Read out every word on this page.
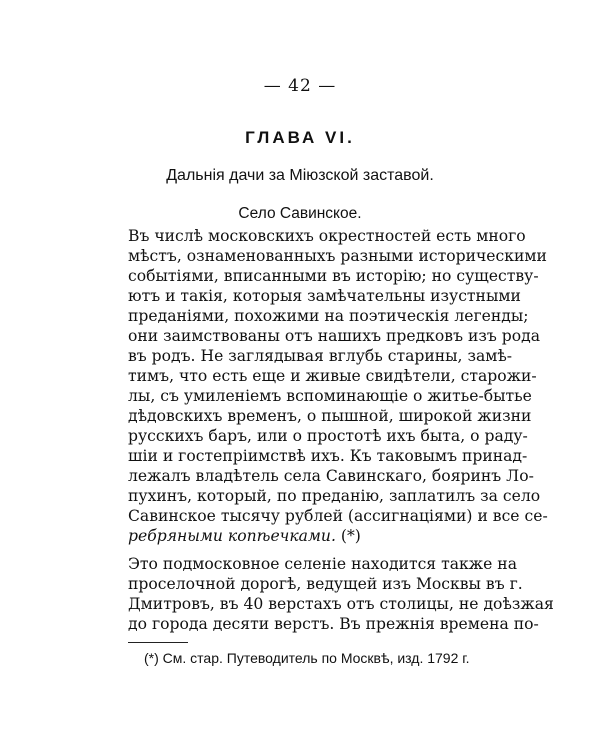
— 42 —
ГЛАВА VI.
Дальнiя дачи за Miюзской заставой.
Село Савинское.
Въ числѣ московскихъ окрестностей есть много
мѣстъ, ознаменованныхъ разными историческими
событiями, вписанными въ исторiю; но существу-
ютъ и такiя, которыя замѣчательны изустными
преданiями, похожими на поэтическiя легенды;
они заимствованы отъ нашихъ предковъ изъ рода
въ родъ. Не заглядывая вглубь старины, замѣ-
тимъ, что есть еще и живые свидѣтели, старожи-
лы, съ умиленiемъ вспоминающiе о житье-бытье
дѣдовскихъ временъ, о пышной, широкой жизни
русскихъ баръ, или о простотѣ ихъ быта, о раду-
шiи и гостепрiимствѣ ихъ. Къ таковымъ принад-
лежалъ владѣтель села Савинскаго, бояринъ Ло-
пухинъ, который, по преданiю, заплатилъ за село
Савинское тысячу рублей (ассигнацiями) и все се-
ребряными копѣечками. (*)
Это подмосковное селенiе находится также на
проселочной дорогѣ, ведущей изъ Москвы въ г.
Дмитровъ, въ 40 верстахъ отъ столицы, не доѣзжая
до города десяти верстъ. Въ прежнiя времена по-
(*) См. стар. Путеводитель по Москвѣ, изд. 1792 г.
